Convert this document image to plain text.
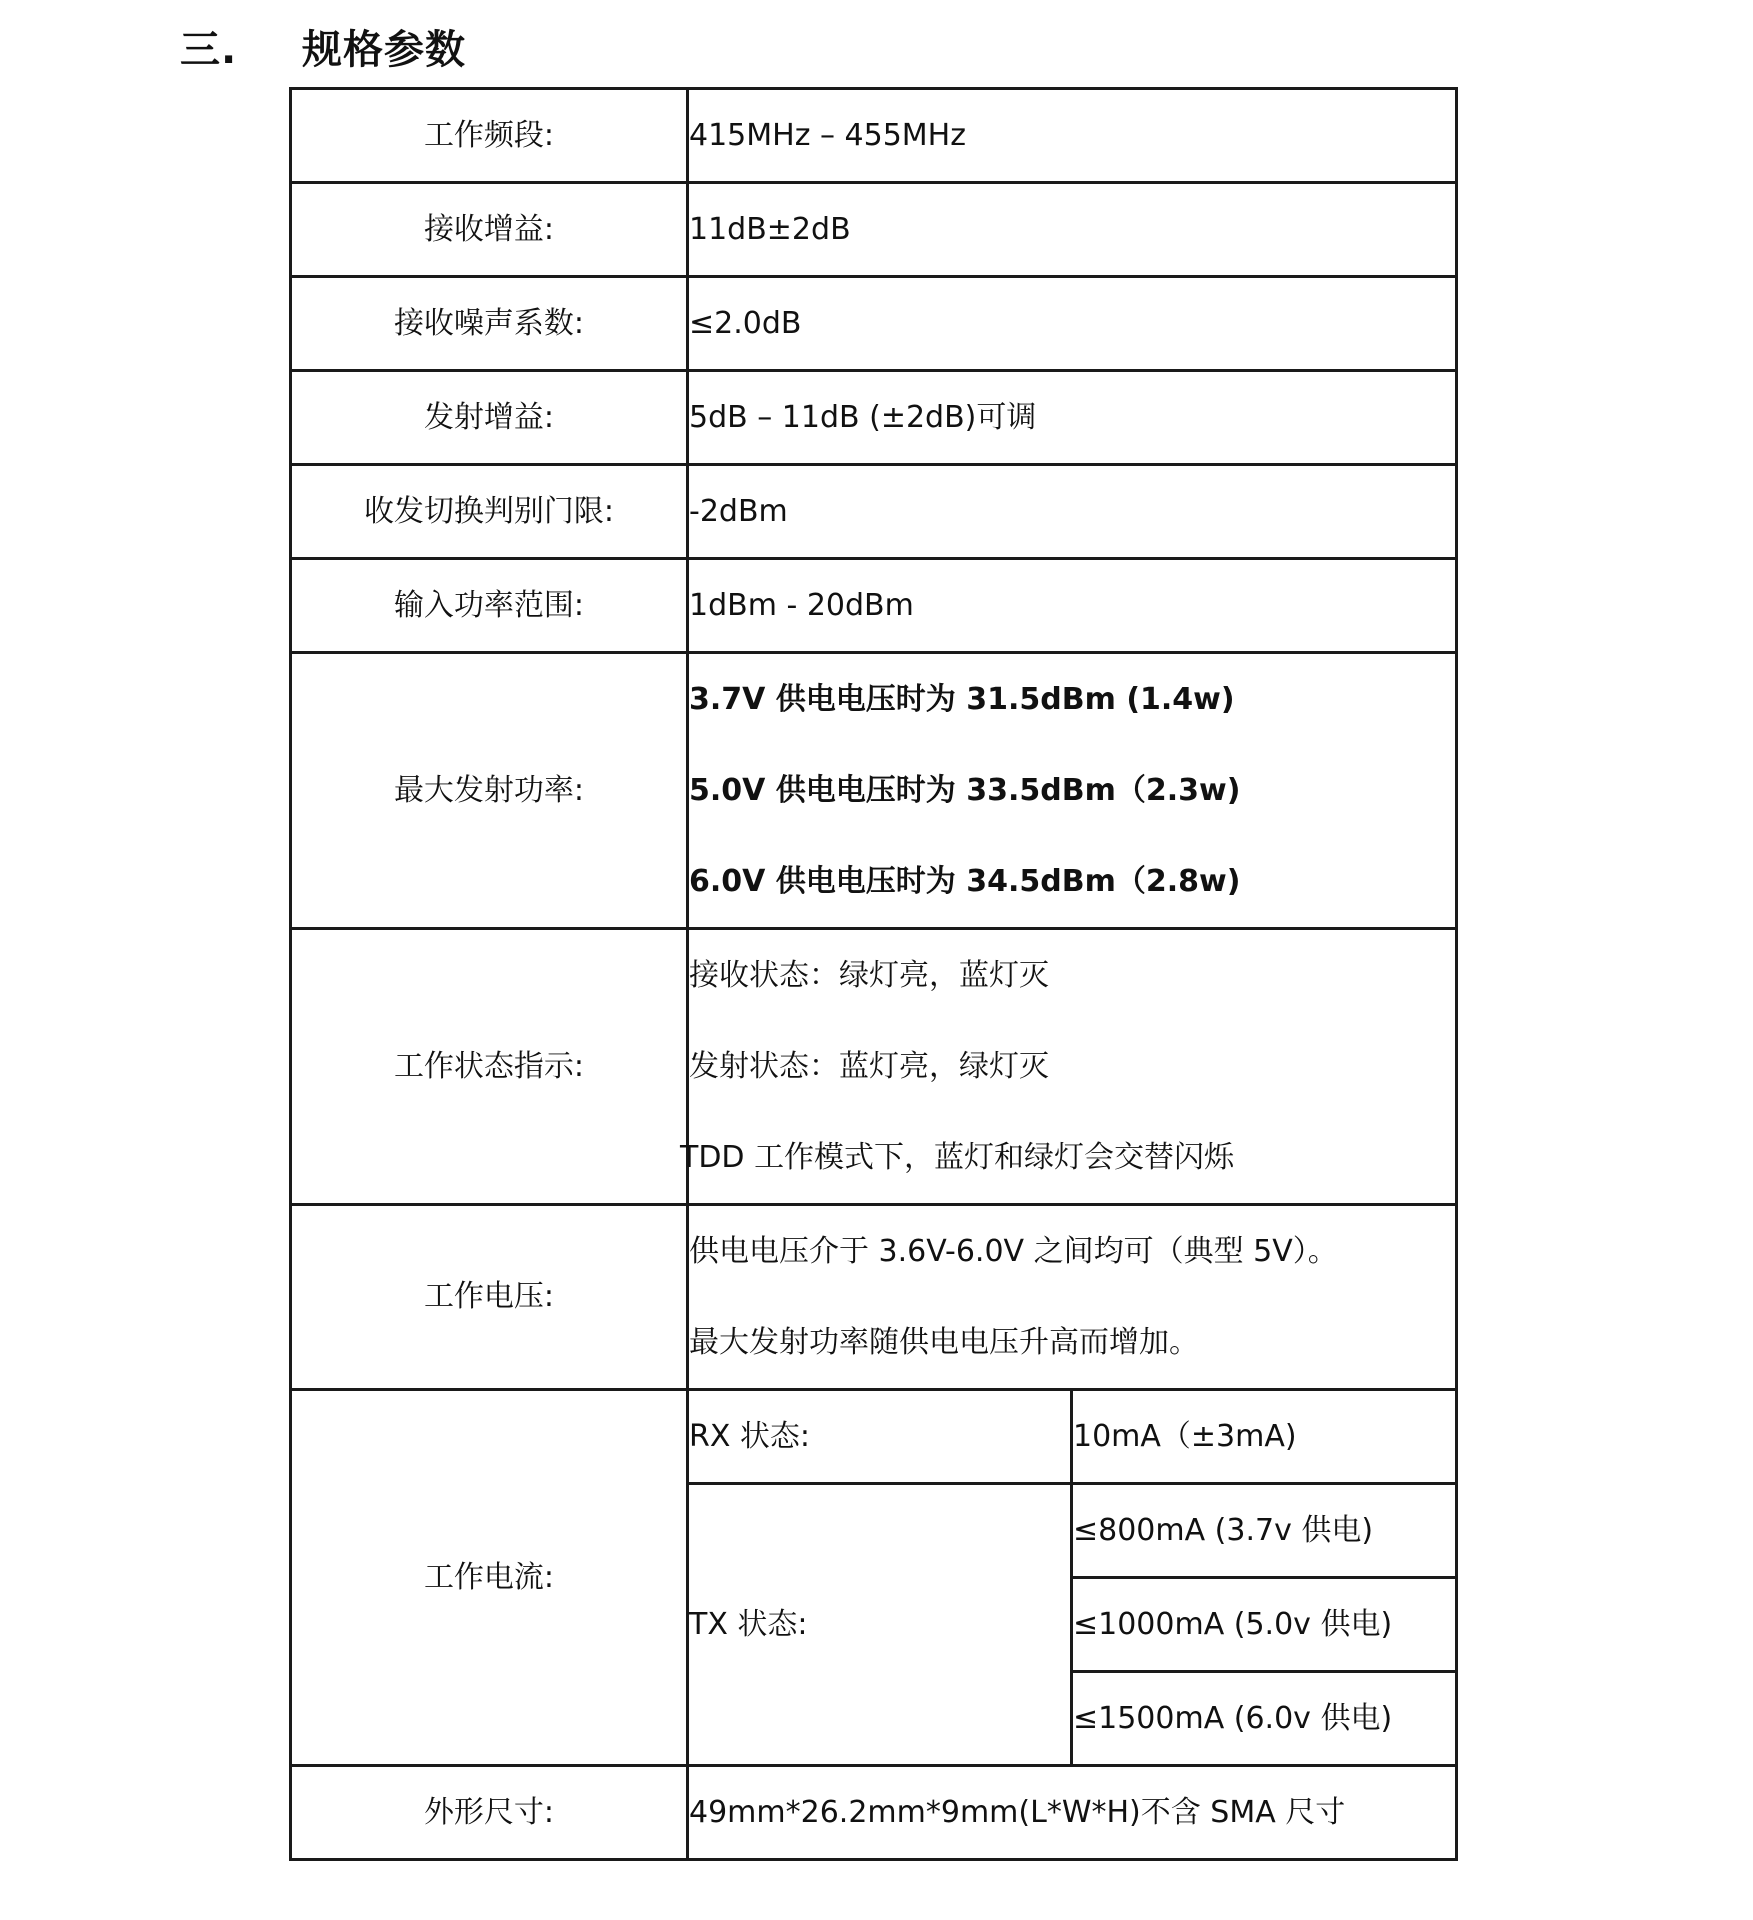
三.	规格参数
工作频段:	415MHz – 455MHz	
接收增益:	11dB±2dB	
接收噪声系数:	≤2.0dB	
发射增益:	5dB – 11dB (±2dB)可调	
收发切换判别门限:	-2dBm	
输入功率范围:	1dBm - 20dBm	
最大发射功率:	3.7V 供电电压时为 31.5dBm (1.4w)
5.0V 供电电压时为 33.5dBm（2.3w)
6.0V 供电电压时为 34.5dBm（2.8w)	

工作状态指示:	接收状态：绿灯亮，蓝灯灭
发射状态：蓝灯亮，绿灯灭
TDD 工作模式下，蓝灯和绿灯会交替闪烁	

工作电压:	供电电压介于 3.6V-6.0V 之间均可（典型 5V）。
最大发射功率随供电电压升高而增加。	

工作电流:	RX 状态:	10mA（±3mA)
	TX 状态:	≤800mA (3.7v 供电)
		≤1000mA (5.0v 供电)
		≤1500mA (6.0v 供电)
外形尺寸:	49mm*26.2mm*9mm(L*W*H)不含 SMA 尺寸	
